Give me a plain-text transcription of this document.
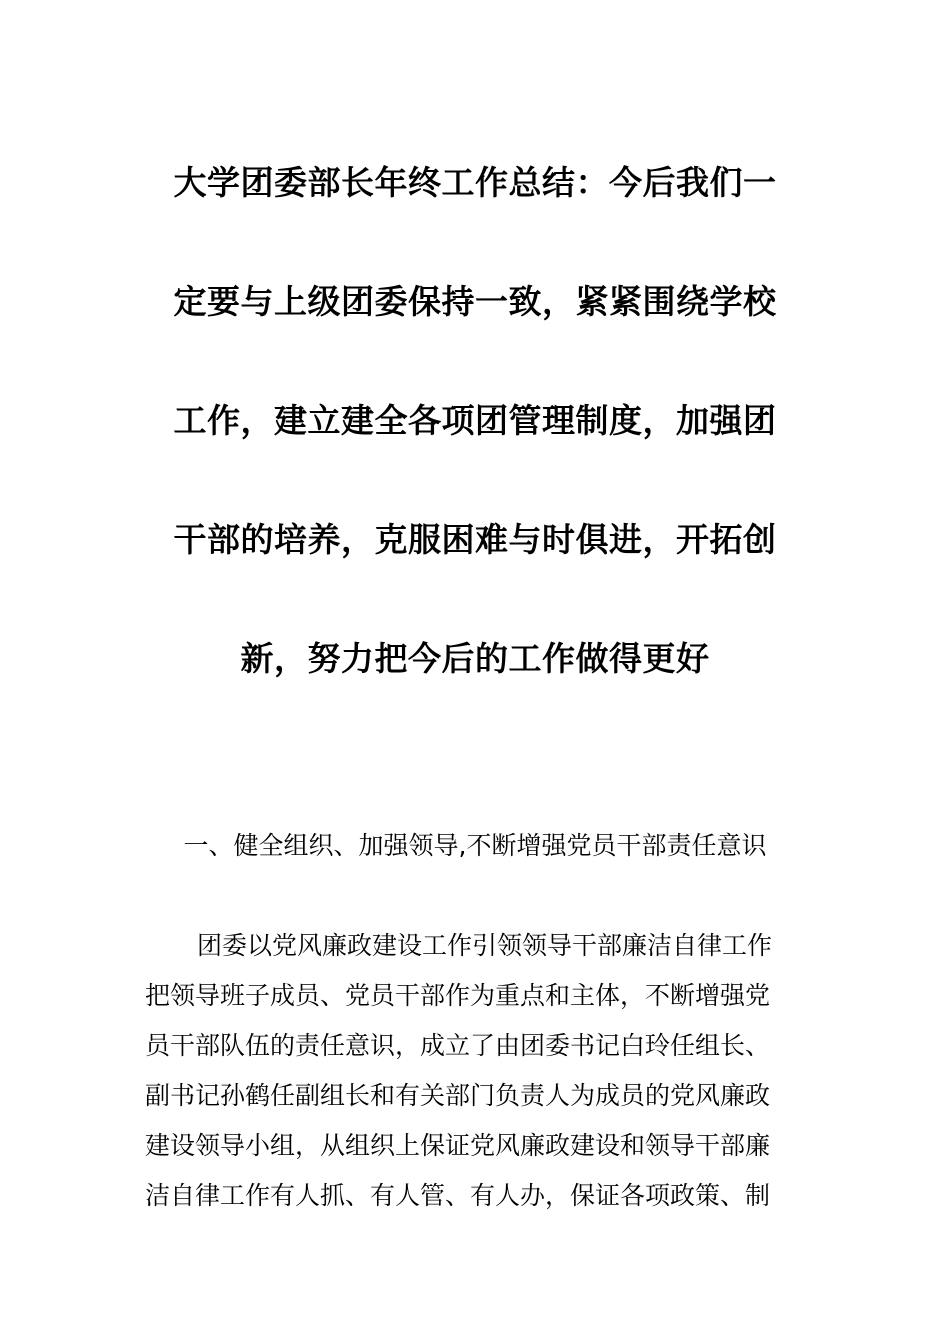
大学团委部长年终工作总结：今后我们一
定要与上级团委保持一致，紧紧围绕学校
工作，建立建全各项团管理制度，加强团
干部的培养，克服困难与时俱进，开拓创
新，努力把今后的工作做得更好
一、健全组织、加强领导,不断增强党员干部责任意识
团委以党风廉政建设工作引领领导干部廉洁自律工作
把领导班子成员、党员干部作为重点和主体，不断增强党
员干部队伍的责任意识，成立了由团委书记白玲任组长、
副书记孙鹤任副组长和有关部门负责人为成员的党风廉政
建设领导小组，从组织上保证党风廉政建设和领导干部廉
洁自律工作有人抓、有人管、有人办，保证各项政策、制
